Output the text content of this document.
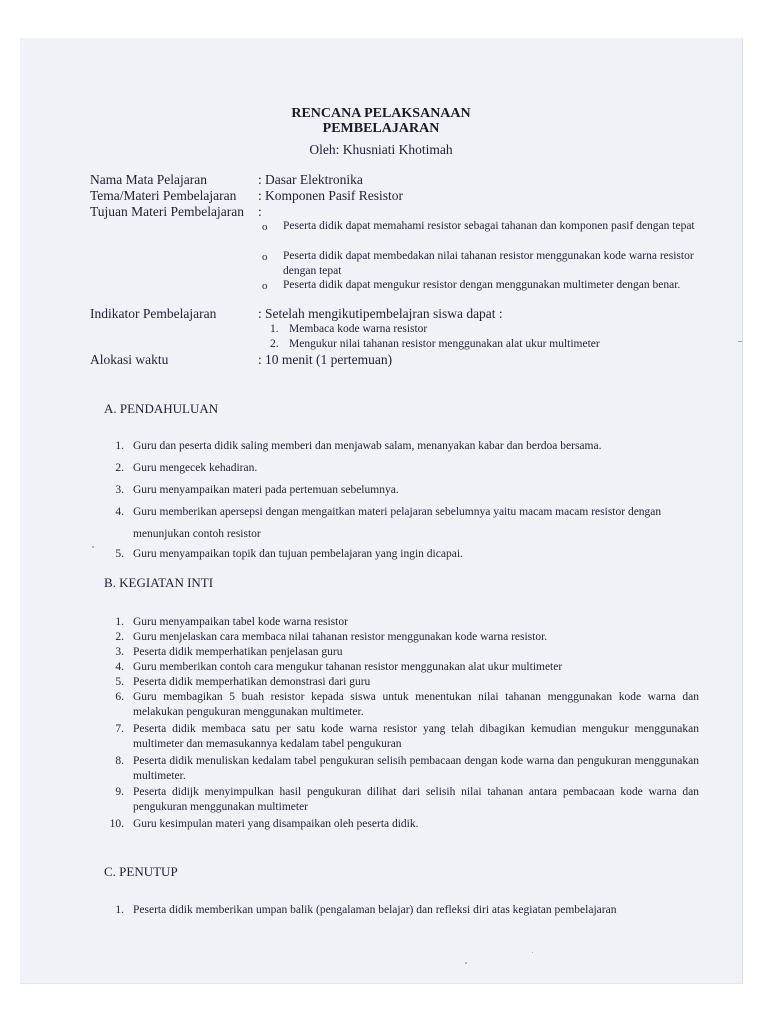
RENCANA PELAKSANAAN
PEMBELAJARAN
Oleh: Khusniati Khotimah
Nama Mata Pelajaran	: Dasar Elektronika
Tema/Materi Pembelajaran : Komponen Pasif Resistor
Tujuan Materi Pembelajaran :
o Peserta didik dapat memahami resistor sebagai tahanan dan komponen pasif dengan tepat
o Peserta didik dapat membedakan nilai tahanan resistor menggunakan kode warna resistor dengan tepat
o Peserta didik dapat mengukur resistor dengan menggunakan multimeter dengan benar.
Indikator Pembelajaran	: Setelah mengikutipembelajran siswa dapat :
1. Membaca kode warna resistor
2. Mengukur nilai tahanan resistor menggunakan alat ukur multimeter
Alokasi waktu	: 10 menit (1 pertemuan)
A. PENDAHULUAN
1. Guru dan peserta didik saling memberi dan menjawab salam, menanyakan kabar dan berdoa bersama.
2. Guru mengecek kehadiran.
3. Guru menyampaikan materi pada pertemuan sebelumnya.
4. Guru memberikan apersepsi dengan mengaitkan materi pelajaran sebelumnya yaitu macam macam resistor dengan menunjukan contoh resistor
5. Guru menyampaikan topik dan tujuan pembelajaran yang ingin dicapai.
B. KEGIATAN INTI
1. Guru menyampaikan tabel kode warna resistor
2. Guru menjelaskan cara membaca nilai tahanan resistor menggunakan kode warna resistor.
3. Peserta didik memperhatikan penjelasan guru
4. Guru memberikan contoh cara mengukur tahanan resistor menggunakan alat ukur multimeter
5. Peserta didik memperhatikan demonstrasi dari guru
6. Guru membagikan 5 buah resistor kepada siswa untuk menentukan nilai tahanan menggunakan kode warna dan melakukan pengukuran menggunakan multimeter.
7. Peserta didik membaca satu per satu kode warna resistor yang telah dibagikan kemudian mengukur menggunakan multimeter dan memasukannya kedalam tabel pengukuran
8. Peserta didik menuliskan kedalam tabel pengukuran selisih pembacaan dengan kode warna dan pengukuran menggunakan multimeter.
9. Peserta didijk menyimpulkan hasil pengukuran dilihat dari selisih nilai tahanan antara pembacaan kode warna dan pengukuran menggunakan multimeter
10. Guru kesimpulan materi yang disampaikan oleh peserta didik.
C. PENUTUP
1. Peserta didik memberikan umpan balik (pengalaman belajar) dan refleksi diri atas kegiatan pembelajaran
